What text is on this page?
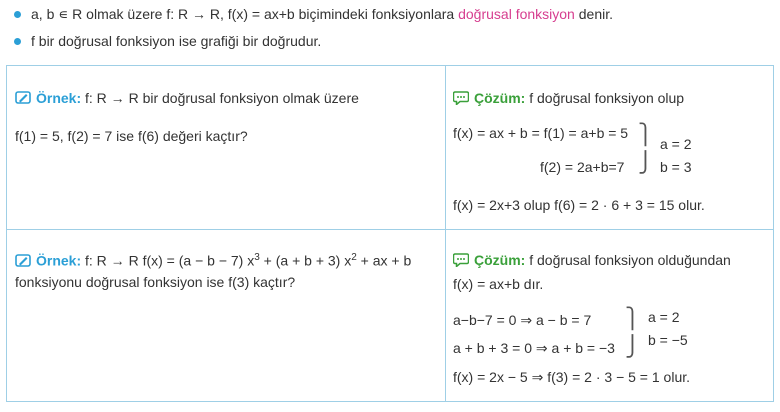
a, b ∊ R olmak üzere f: R → R, f(x) = ax+b biçimindeki fonksiyonlara doğrusal fonksiyon denir.
f bir doğrusal fonksiyon ise grafiği bir doğrudur.
Örnek: f: R → R bir doğrusal fonksiyon olmak üzere
f(1) = 5, f(2) = 7 ise f(6) değeri kaçtır?
Çözüm: f doğrusal fonksiyon olup
f(x) = ax + b = f(1) = a+b = 5
f(2) = 2a+b=7
⎫
⎭
a = 2
b = 3
f(x) = 2x+3 olup f(6) = 2 · 6 + 3 = 15 olur.
Örnek: f: R → R f(x) = (a − b − 7) $x^3 + (a + b + 3) x^2$ + ax + b
fonksiyonu doğrusal fonksiyon ise f(3) kaçtır?
Çözüm: f doğrusal fonksiyon olduğundan
f(x) = ax+b dır.
a−b−7 = 0 ⇒ a − b = 7
a + b + 3 = 0 ⇒ a + b = −3
⎫
⎭
a = 2
b = −5
f(x) = 2x − 5 ⇒ f(3) = 2 · 3 − 5 = 1 olur.
